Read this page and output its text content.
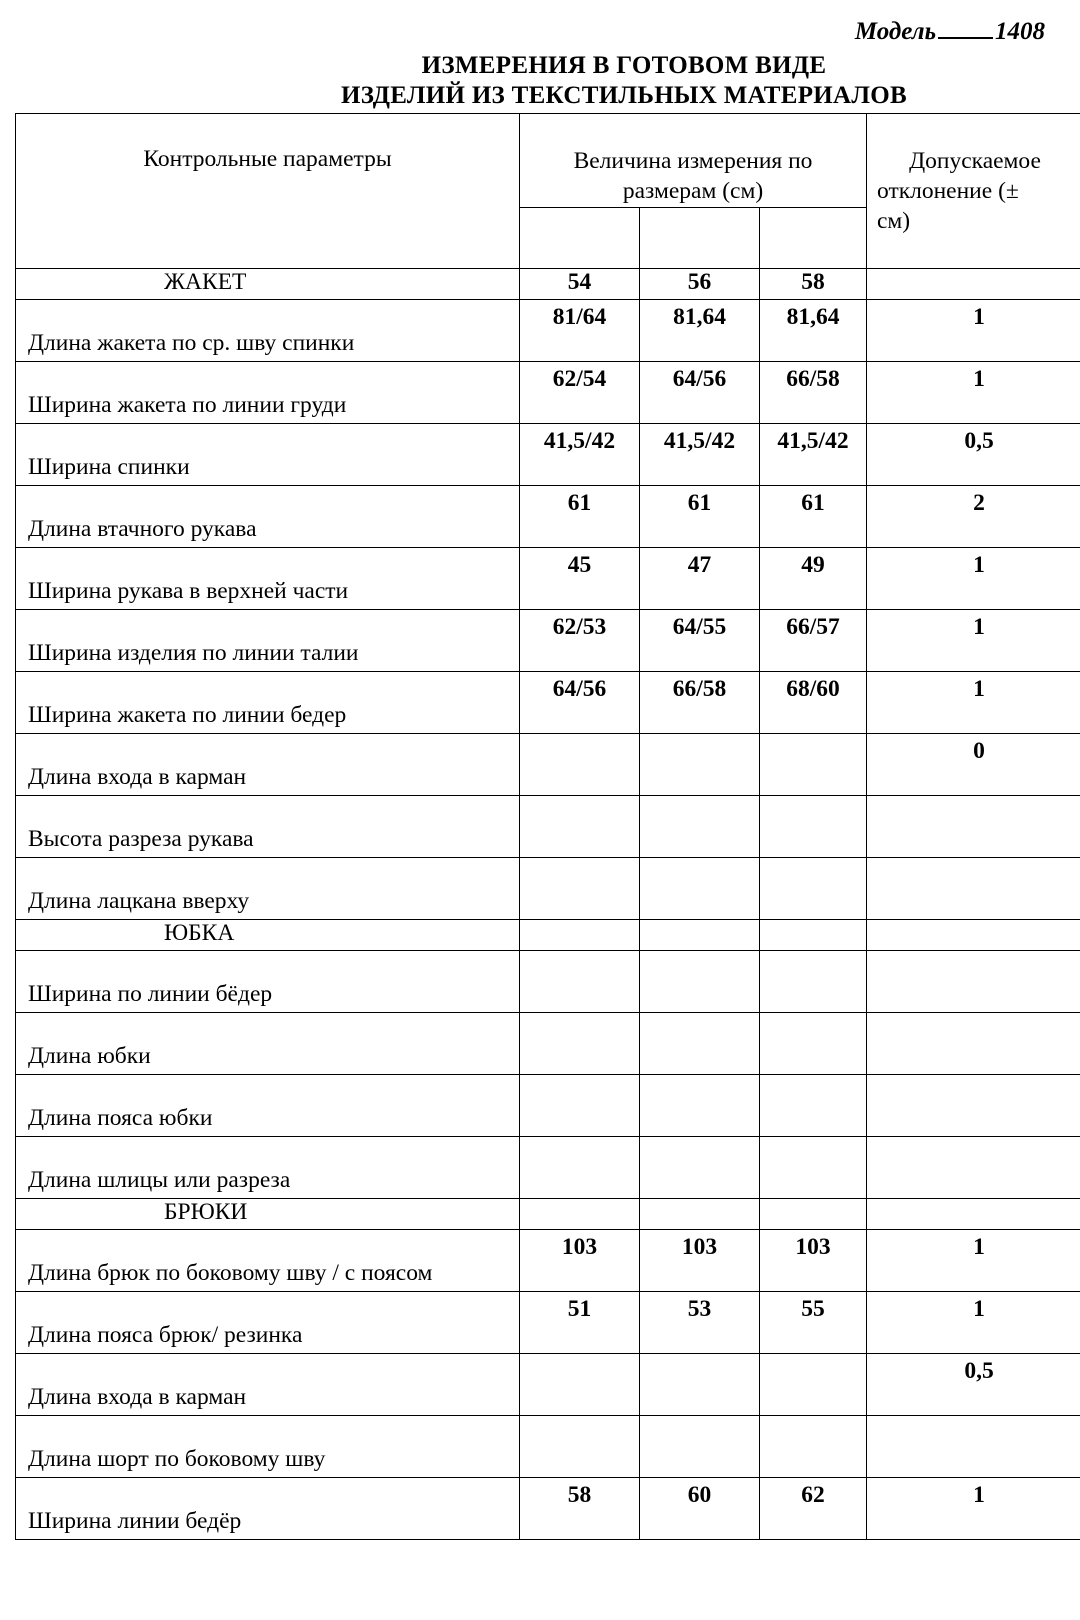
Модель 1408
ИЗМЕРЕНИЯ В ГОТОВОМ ВИДЕ
ИЗДЕЛИЙ ИЗ ТЕКСТИЛЬНЫХ МАТЕРИАЛОВ
Контрольные параметры	Величина измерения по
размерам (см)			Допускаемое
отклонение (±
см)

ЖАКЕТ	54	56	58	
Длина жакета по ср. шву спинки	81/64	81,64	81,64	1
Ширина жакета по линии груди	62/54	64/56	66/58	1
Ширина спинки	41,5/42	41,5/42	41,5/42	0,5
Длина втачного рукава	61	61	61	2
Ширина рукава в верхней части	45	47	49	1
Ширина изделия по линии талии	62/53	64/55	66/57	1
Ширина жакета по линии бедер	64/56	66/58	68/60	1
Длина входа в карман				0
Высота разреза рукава				
Длина лацкана вверху				
ЮБКА				
Ширина по линии бёдер				
Длина юбки				
Длина пояса юбки				
Длина шлицы или разреза				
БРЮКИ				
Длина брюк по боковому шву / с поясом	103	103	103	1
Длина пояса брюк/ резинка	51	53	55	1
Длина входа в карман				0,5
Длина шорт по боковому шву				
Ширина линии бедёр	58	60	62	1
